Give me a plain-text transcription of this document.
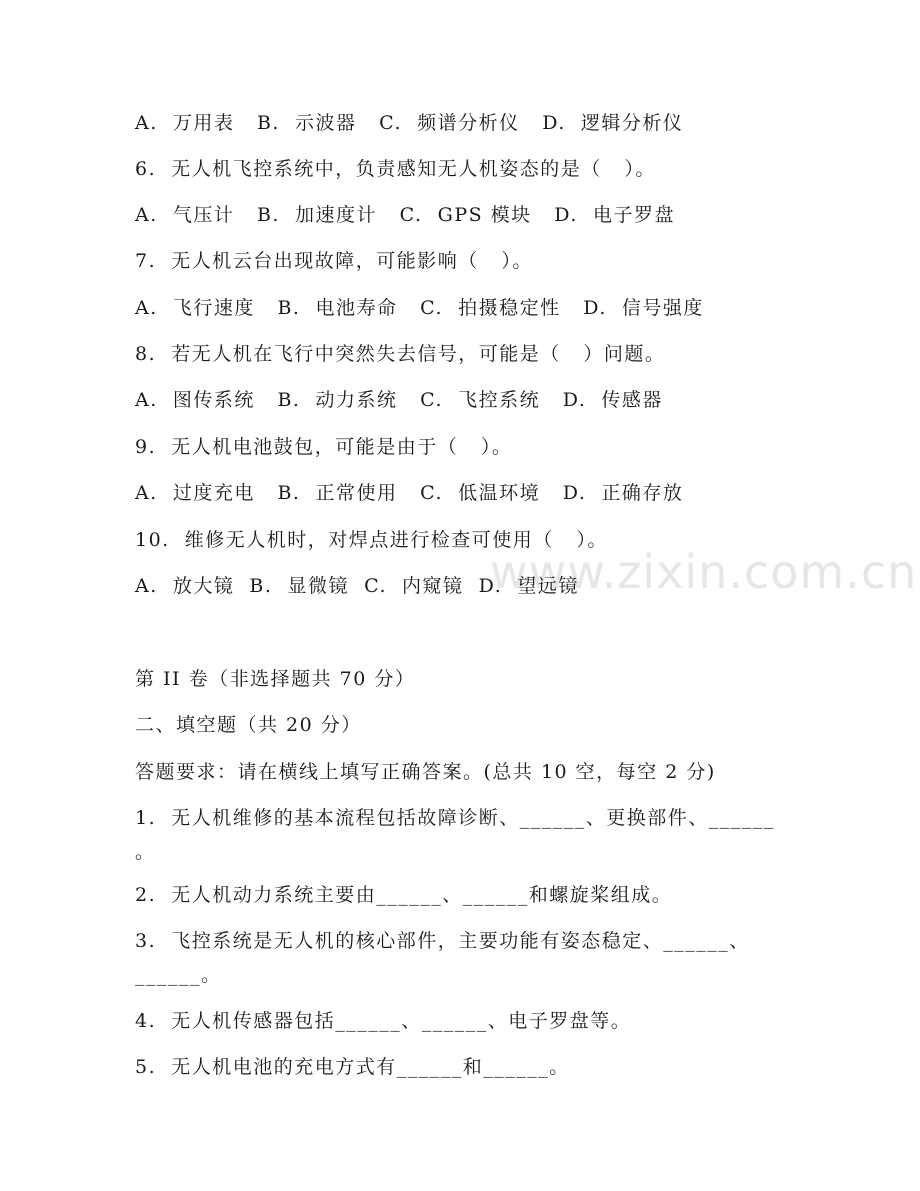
www.zixin.com.cn
A.  万用表   B.  示波器   C.  频谱分析仪   D.  逻辑分析仪
6.  无人机飞控系统中，负责感知无人机姿态的是（   ）。
A.  气压计   B.  加速度计   C.  GPS 模块   D.  电子罗盘
7.  无人机云台出现故障，可能影响（   ）。
A.  飞行速度   B.  电池寿命   C.  拍摄稳定性   D.  信号强度
8.  若无人机在飞行中突然失去信号，可能是（   ）问题。
A.  图传系统   B.  动力系统   C.  飞控系统   D.  传感器
9.  无人机电池鼓包，可能是由于（   ）。
A.  过度充电   B.  正常使用   C.  低温环境   D.  正确存放
10.  维修无人机时，对焊点进行检查可使用（   ）。
A.  放大镜  B.  显微镜  C.  内窥镜  D.  望远镜
第 II 卷（非选择题共 70 分）
二、填空题（共 20 分）
答题要求：请在横线上填写正确答案。(总共 10 空，每空 2 分)
1.  无人机维修的基本流程包括故障诊断、______、更换部件、______
。
2.  无人机动力系统主要由______、______和螺旋桨组成。
3.  飞控系统是无人机的核心部件，主要功能有姿态稳定、______、
______。
4.  无人机传感器包括______、______、电子罗盘等。
5.  无人机电池的充电方式有______和______。
